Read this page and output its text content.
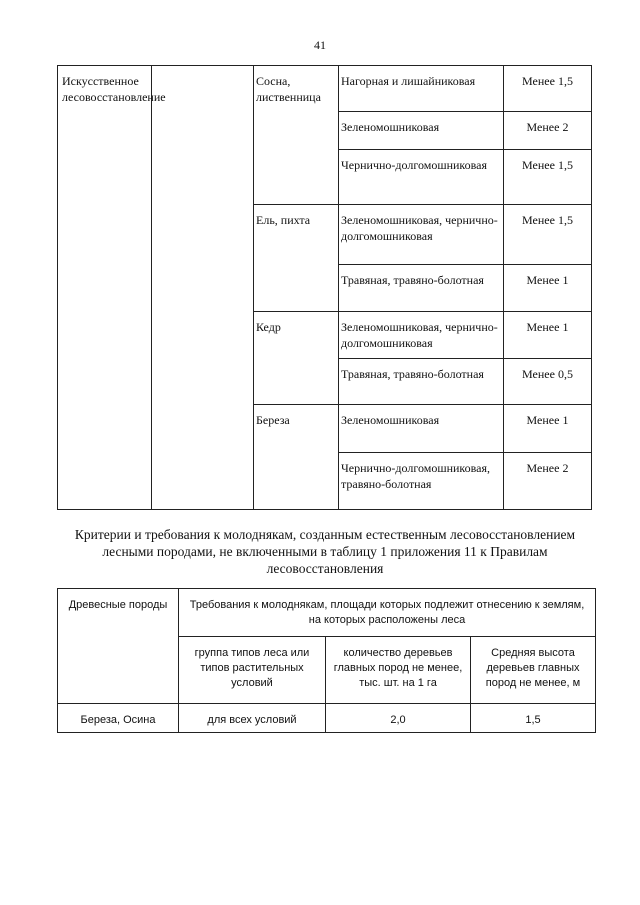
41
Искусственное лесовосстановление		Сосна, лиственница	Нагорная и лишайниковая	Менее 1,5
			Зеленомошниковая	Менее 2
			Чернично-долгомошниковая	Менее 1,5
		Ель, пихта	Зеленомошниковая, чернично-долгомошниковая	Менее 1,5
			Травяная, травяно-болотная	Менее 1
		Кедр	Зеленомошниковая, чернично-долгомошниковая	Менее 1
			Травяная, травяно-болотная	Менее 0,5
		Береза	Зеленомошниковая	Менее 1
			Чернично-долгомошниковая, травяно-болотная	Менее 2
Критерии и требования к молоднякам, созданным естественным лесовосстановлением лесными породами, не включенными в таблицу 1 приложения 11 к Правилам лесовосстановления
Древесные породы	Требования к молоднякам, площади которых подлежит отнесению к землям, на которых расположены леса		
	группа типов леса или типов растительных условий	количество деревьев главных пород не менее, тыс. шт. на 1 га	Средняя высота деревьев главных пород не менее, м
Береза, Осина	для всех условий	2,0	1,5
